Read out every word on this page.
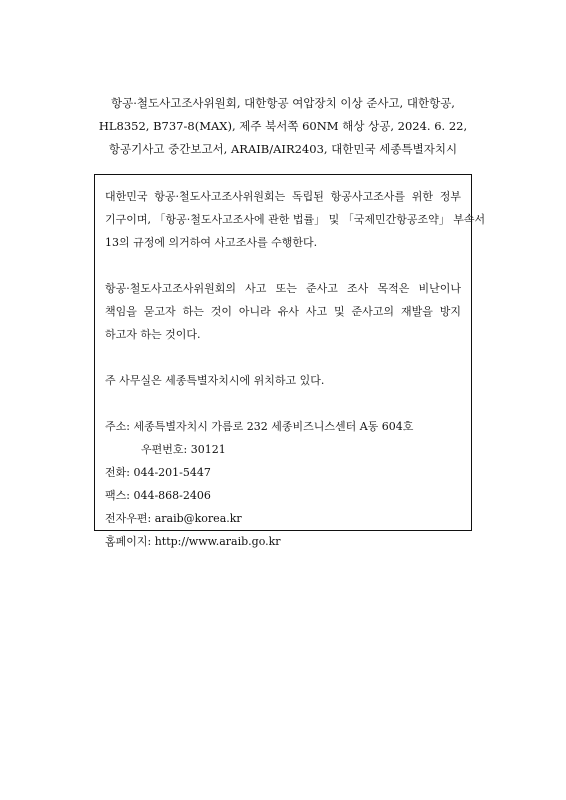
항공·철도사고조사위원회, 대한항공 여압장치 이상 준사고, 대한항공,
HL8352, B737-8(MAX), 제주 북서쪽 60NM 해상 상공, 2024. 6. 22,
항공기사고 중간보고서, ARAIB/AIR2403, 대한민국 세종특별자치시

대한민국 항공·철도사고조사위원회는 독립된 항공사고조사를 위한 정부
기구이며, 「항공·철도사고조사에 관한 법률」 및 「국제민간항공조약」 부속서
13의 규정에 의거하여 사고조사를 수행한다.

항공·철도사고조사위원회의 사고 또는 준사고 조사 목적은 비난이나
책임을 묻고자 하는 것이 아니라 유사 사고 및 준사고의 재발을 방지
하고자 하는 것이다.

주 사무실은 세종특별자치시에 위치하고 있다.

주소: 세종특별자치시 가름로 232 세종비즈니스센터 A동 604호
우편번호: 30121
전화: 044-201-5447
팩스: 044-868-2406
전자우편: araib@korea.kr
홈페이지: http://www.araib.go.kr
